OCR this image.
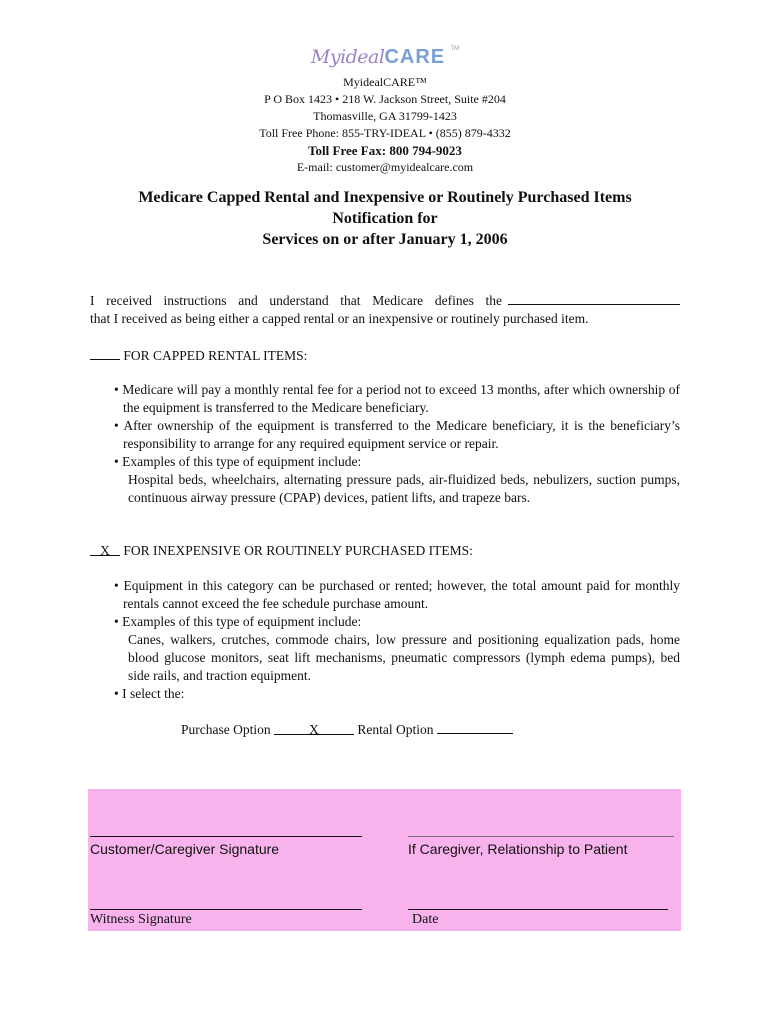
MyidealCARE TM
MyidealCARE™
P O Box 1423 • 218 W. Jackson Street, Suite #204
Thomasville, GA 31799-1423
Toll Free Phone: 855-TRY-IDEAL • (855) 879-4332
Toll Free Fax: 800 794-9023
E-mail: customer@myidealcare.com
Medicare Capped Rental and Inexpensive or Routinely Purchased Items
Notification for
Services on or after January 1, 2006
I received instructions and understand that Medicare defines the
that I received as being either a capped rental or an inexpensive or routinely purchased item.
FOR CAPPED RENTAL ITEMS:
• Medicare will pay a monthly rental fee for a period not to exceed 13 months, after which ownership of the equipment is transferred to the Medicare beneficiary.
• After ownership of the equipment is transferred to the Medicare beneficiary, it is the beneficiary’s responsibility to arrange for any required equipment service or repair.
• Examples of this type of equipment include:
Hospital beds, wheelchairs, alternating pressure pads, air-fluidized beds, nebulizers, suction pumps, continuous airway pressure (CPAP) devices, patient lifts, and trapeze bars.
X FOR INEXPENSIVE OR ROUTINELY PURCHASED ITEMS:
• Equipment in this category can be purchased or rented; however, the total amount paid for monthly rentals cannot exceed the fee schedule purchase amount.
• Examples of this type of equipment include:
Canes, walkers, crutches, commode chairs, low pressure and positioning equalization pads, home blood glucose monitors, seat lift mechanisms, pneumatic compressors (lymph edema pumps), bed side rails, and traction equipment.
• I select the:
Purchase Option	X	Rental Option
Customer/Caregiver Signature	If Caregiver, Relationship to Patient
Witness Signature	Date
